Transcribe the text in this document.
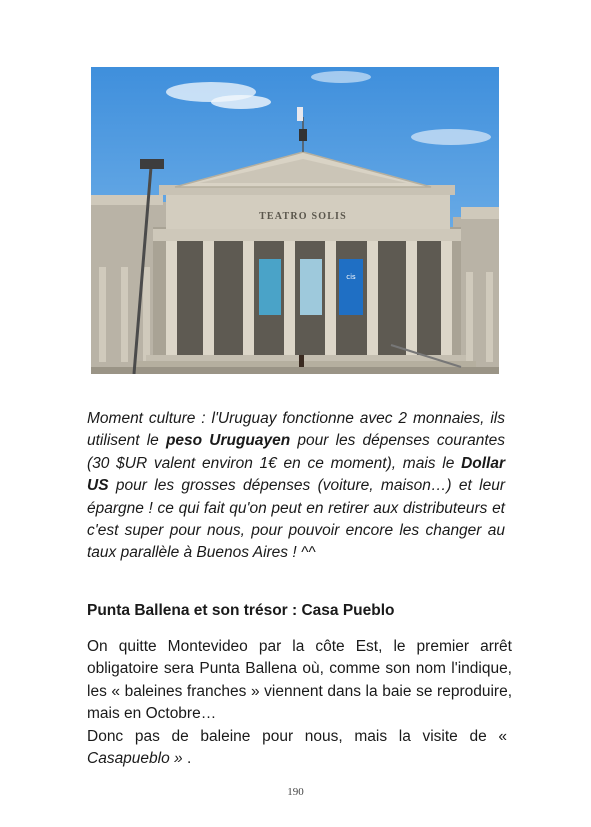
TEATRO SOLIS
cis

Moment culture : l'Uruguay fonctionne avec 2 monnaies, ils utilisent le peso Uruguayen pour les dépenses courantes (30 $UR valent environ 1€ en ce moment), mais le Dollar US pour les grosses dépenses (voiture, maison…) et leur épargne ! ce qui fait qu'on peut en retirer aux distributeurs et c'est super pour nous, pour pouvoir encore les changer au taux parallèle à Buenos Aires ! ^^

Punta Ballena et son trésor : Casa Pueblo

On quitte Montevideo par la côte Est, le premier arrêt obligatoire sera Punta Ballena où, comme son nom l'indique, les « baleines franches » viennent dans la baie se reproduire, mais en Octobre…

Donc pas de baleine pour nous, mais la visite de « Casapueblo » .

190
